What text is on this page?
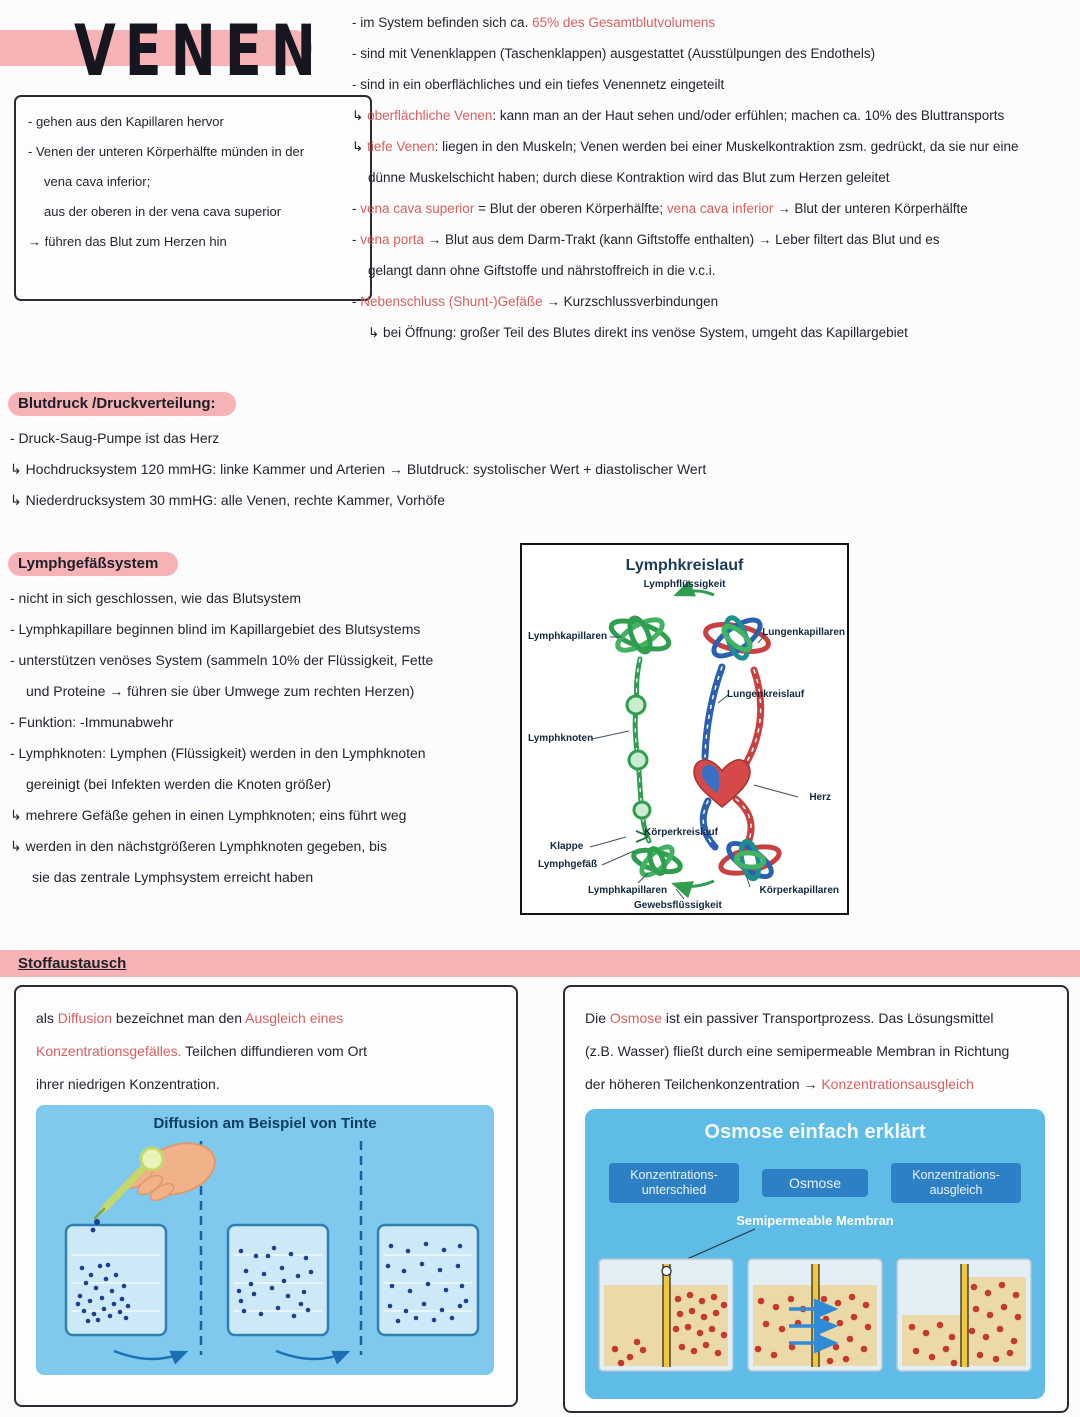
VENEN
- gehen aus den Kapillaren hervor
- Venen der unteren Körperhälfte münden in der
vena cava inferior;
aus der oberen in der vena cava superior
→ führen das Blut zum Herzen hin
- im System befinden sich ca. 65% des Gesamtblutvolumens
- sind mit Venenklappen (Taschenklappen) ausgestattet (Ausstülpungen des Endothels)
- sind in ein oberflächliches und ein tiefes Venennetz eingeteilt
↳ oberflächliche Venen: kann man an der Haut sehen und/oder erfühlen; machen ca. 10% des Bluttransports
↳ tiefe Venen: liegen in den Muskeln; Venen werden bei einer Muskelkontraktion zsm. gedrückt, da sie nur eine
dünne Muskelschicht haben; durch diese Kontraktion wird das Blut zum Herzen geleitet
- vena cava superior = Blut der oberen Körperhälfte; vena cava inferior → Blut der unteren Körperhälfte
- vena porta → Blut aus dem Darm-Trakt (kann Giftstoffe enthalten) → Leber filtert das Blut und es
gelangt dann ohne Giftstoffe und nährstoffreich in die v.c.i.
- Nebenschluss (Shunt-)Gefäße → Kurzschlussverbindungen
↳ bei Öffnung: großer Teil des Blutes direkt ins venöse System, umgeht das Kapillargebiet
Blutdruck /Druckverteilung:
- Druck-Saug-Pumpe ist das Herz
↳ Hochdrucksystem 120 mmHG: linke Kammer und Arterien → Blutdruck: systolischer Wert + diastolischer Wert
↳ Niederdrucksystem 30 mmHG: alle Venen, rechte Kammer, Vorhöfe
Lymphgefäßsystem
- nicht in sich geschlossen, wie das Blutsystem
- Lymphkapillare beginnen blind im Kapillargebiet des Blutsystems
- unterstützen venöses System (sammeln 10% der Flüssigkeit, Fette
und Proteine → führen sie über Umwege zum rechten Herzen)
- Funktion: -Immunabwehr
- Lymphknoten: Lymphen (Flüssigkeit) werden in den Lymphknoten
gereinigt (bei Infekten werden die Knoten größer)
↳ mehrere Gefäße gehen in einen Lymphknoten; eins führt weg
↳ werden in den nächstgrößeren Lymphknoten gegeben, bis
sie das zentrale Lymphsystem erreicht haben
Lymphkreislauf
Lymphflüssigkeit
Lymphkapillaren	Lungenkapillaren
Lungenkreislauf
Lymphknoten
Herz
Körperkreislauf
Klappe
Lymphgefäß
Lymphkapillaren	Körperkapillaren
Gewebsflüssigkeit
Stoffaustausch
als Diffusion bezeichnet man den Ausgleich eines
Konzentrationsgefälles. Teilchen diffundieren vom Ort
ihrer niedrigen Konzentration.
Diffusion am Beispiel von Tinte
Die Osmose ist ein passiver Transportprozess. Das Lösungsmittel
(z.B. Wasser) fließt durch eine semipermeable Membran in Richtung
der höheren Teilchenkonzentration → Konzentrationsausgleich
Osmose einfach erklärt
Konzentrations-
unterschied	Osmose	Konzentrations-
ausgleich
Semipermeable Membran
